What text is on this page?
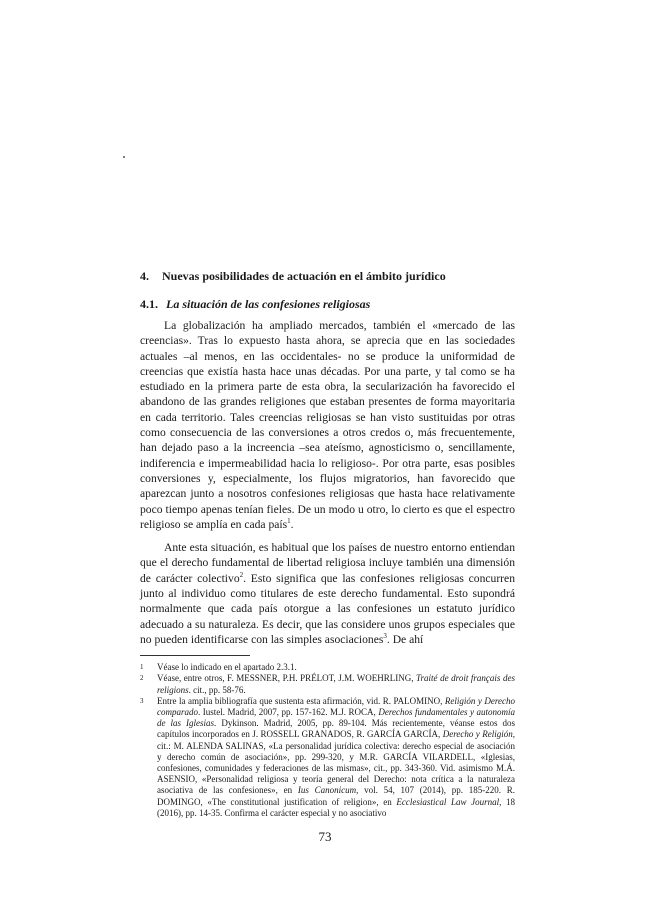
4.	Nuevas posibilidades de actuación en el ámbito jurídico
4.1. La situación de las confesiones religiosas

La globalización ha ampliado mercados, también el «mercado de las creencias». Tras lo expuesto hasta ahora, se aprecia que en las sociedades actuales –al menos, en las occidentales- no se produce la uniformidad de creencias que existía hasta hace unas décadas. Por una parte, y tal como se ha estudiado en la primera parte de esta obra, la secularización ha favorecido el abandono de las grandes religiones que estaban presentes de forma mayoritaria en cada territorio. Tales creencias religiosas se han visto sustituidas por otras como consecuencia de las conversiones a otros credos o, más frecuentemente, han dejado paso a la increencia –sea ateísmo, agnosticismo o, sencillamente, indiferencia e impermeabilidad hacia lo religioso-. Por otra parte, esas posibles conversiones y, especialmente, los flujos migratorios, han favorecido que aparezcan junto a nosotros confesiones religiosas que hasta hace relativamente poco tiempo apenas tenían fieles. De un modo u otro, lo cierto es que el espectro religioso se amplía en cada país$^1$.

Ante esta situación, es habitual que los países de nuestro entorno entiendan que el derecho fundamental de libertad religiosa incluye también una dimensión de carácter colectivo$^2$. Esto significa que las confesiones religiosas concurren junto al individuo como titulares de este derecho fundamental. Esto supondrá normalmente que cada país otorgue a las confesiones un estatuto jurídico adecuado a su naturaleza. Es decir, que las considere unos grupos especiales que no pueden identificarse con las simples asociaciones$^3$. De ahí

1	Véase lo indicado en el apartado 2.3.1.
2	Véase, entre otros, F. MESSNER, P.H. PRÉLOT, J.M. WOEHRLING, Traité de droit français des religions. cit., pp. 58-76.
3	Entre la amplia bibliografía que sustenta esta afirmación, vid. R. PALOMINO, Religión y Derecho comparado. Iustel. Madrid, 2007, pp. 157-162. M.J. ROCA, Derechos fundamentales y autonomía de las Iglesias. Dykinson. Madrid, 2005, pp. 89-104. Más recientemente, véanse estos dos capítulos incorporados en J. ROSSELL GRANADOS, R. GARCÍA GARCÍA, Derecho y Religión, cit.: M. ALENDA SALINAS, «La personalidad jurídica colectiva: derecho especial de asociación y derecho común de asociación», pp. 299-320, y M.R. GARCÍA VILARDELL, «Iglesias, confesiones, comunidades y federaciones de las mismas», cit., pp. 343-360. Vid. asimismo M.Á. ASENSIO, «Personalidad religiosa y teoría general del Derecho: nota crítica a la naturaleza asociativa de las confesiones», en Ius Canonicum, vol. 54, 107 (2014), pp. 185-220. R. DOMINGO, «The constitutional justification of religion», en Ecclesiastical Law Journal, 18 (2016), pp. 14-35. Confirma el carácter especial y no asociativo
73
